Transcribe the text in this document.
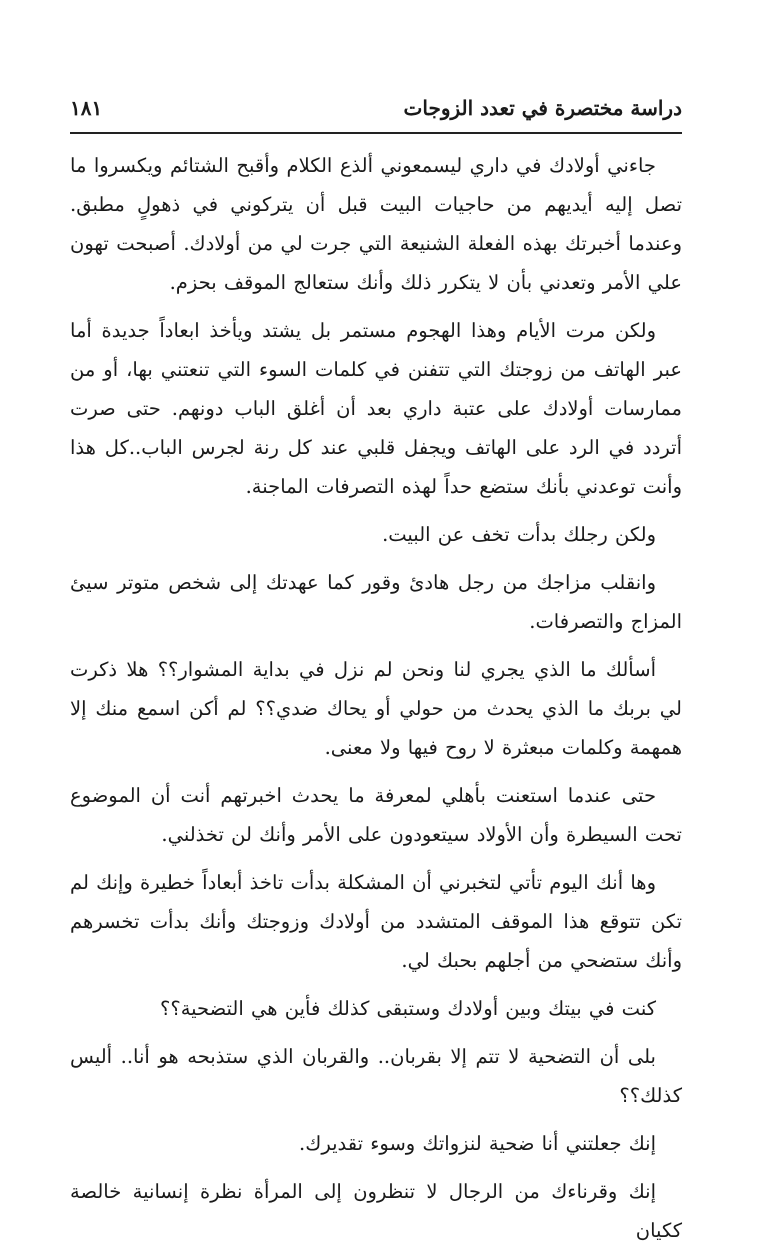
دراسة مختصرة في تعدد الزوجات
١٨١

جاءني أولادك في داري ليسمعوني ألذع الكلام وأقبح الشتائم ويكسروا ما تصل إليه أيديهم من حاجيات البيت قبل أن يتركوني في ذهولٍ مطبق. وعندما أخبرتك بهذه الفعلة الشنيعة التي جرت لي من أولادك. أصبحت تهون علي الأمر وتعدني بأن لا يتكرر ذلك وأنك ستعالج الموقف بحزم.

ولكن مرت الأيام وهذا الهجوم مستمر بل يشتد ويأخذ ابعاداً جديدة أما عبر الهاتف من زوجتك التي تتفنن في كلمات السوء التي تنعتني بها، أو من ممارسات أولادك على عتبة داري بعد أن أغلق الباب دونهم. حتى صرت أتردد في الرد على الهاتف ويجفل قلبي عند كل رنة لجرس الباب..كل هذا وأنت توعدني بأنك ستضع حداً لهذه التصرفات الماجنة.

ولكن رجلك بدأت تخف عن البيت.

وانقلب مزاجك من رجل هادئ وقور كما عهدتك إلى شخص متوتر سيئ المزاج والتصرفات.

أسألك ما الذي يجري لنا ونحن لم نزل في بداية المشوار؟؟ هلا ذكرت لي بربك ما الذي يحدث من حولي أو يحاك ضدي؟؟ لم أكن اسمع منك إلا همهمة وكلمات مبعثرة لا روح فيها ولا معنى.

حتى عندما استعنت بأهلي لمعرفة ما يحدث اخبرتهم أنت أن الموضوع تحت السيطرة وأن الأولاد سيتعودون على الأمر وأنك لن تخذلني.

وها أنك اليوم تأتي لتخبرني أن المشكلة بدأت تاخذ أبعاداً خطيرة وإنك لم تكن تتوقع هذا الموقف المتشدد من أولادك وزوجتك وأنك بدأت تخسرهم وأنك ستضحي من أجلهم بحبك لي.

كنت في بيتك وبين أولادك وستبقى كذلك فأين هي التضحية؟؟

بلى أن التضحية لا تتم إلا بقربان.. والقربان الذي ستذبحه هو أنا.. أليس كذلك؟؟

إنك جعلتني أنا ضحية لنزواتك وسوء تقديرك.

إنك وقرناءك من الرجال لا تنظرون إلى المرأة نظرة إنسانية خالصة ككيان
